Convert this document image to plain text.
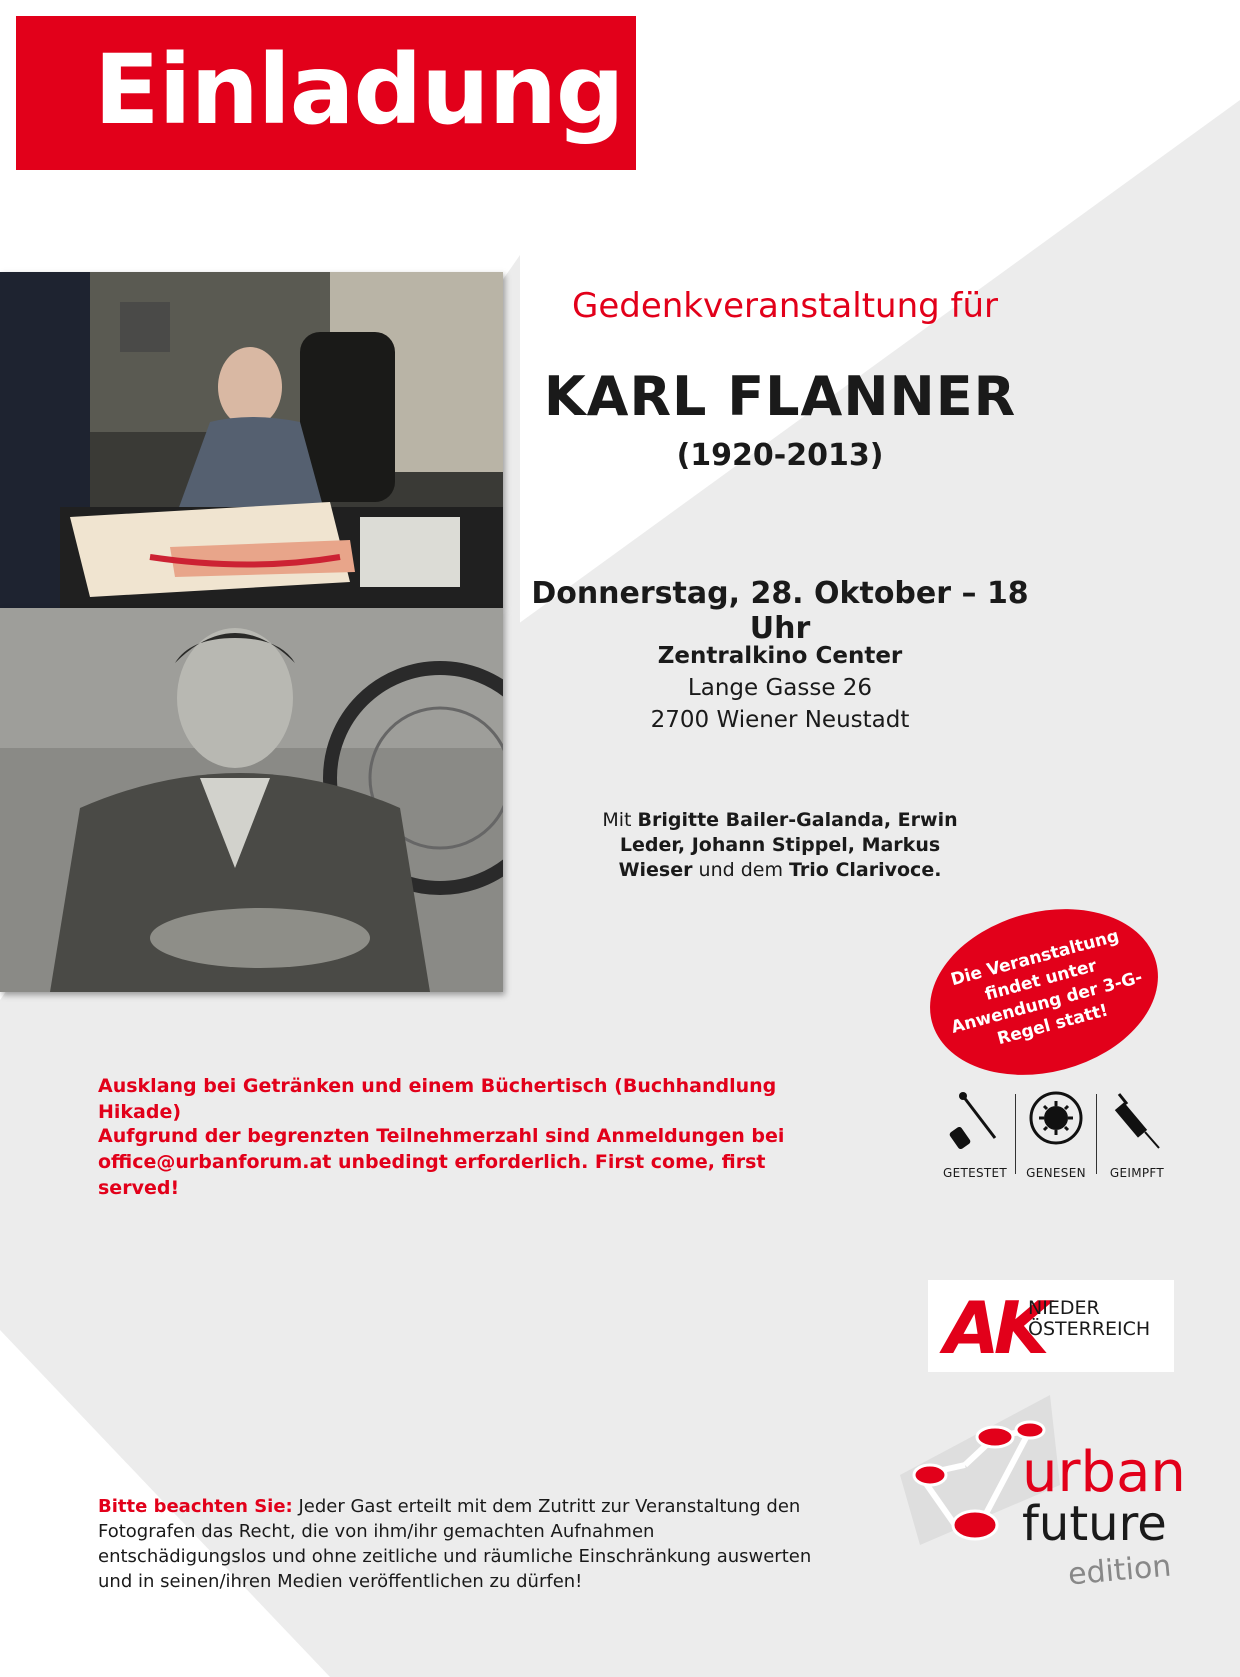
Einladung
Gedenkveranstaltung für
KARL FLANNER
(1920-2013)
Donnerstag, 28. Oktober – 18 Uhr
Zentralkino Center
Lange Gasse 26
2700 Wiener Neustadt
Mit Brigitte Bailer-Galanda, Erwin Leder, Johann Stippel, Markus Wieser und dem Trio Clarivoce.
Ausklang bei Getränken und einem Büchertisch (Buchhandlung Hikade)
Aufgrund der begrenzten Teilnehmerzahl sind Anmeldungen bei office@urbanforum.at unbedingt erforderlich. First come, first served!
Die Veranstaltung findet unter Anwendung der 3-G-Regel statt!
GETESTET	GENESEN	GEIMPFT
AK
NIEDER
ÖSTERREICH
urban
future
edition
Bitte beachten Sie: Jeder Gast erteilt mit dem Zutritt zur Veranstaltung den Fotografen das Recht, die von ihm/ihr gemachten Aufnahmen entschädigungslos und ohne zeitliche und räumliche Einschränkung auswerten und in seinen/ihren Medien veröffentlichen zu dürfen!
